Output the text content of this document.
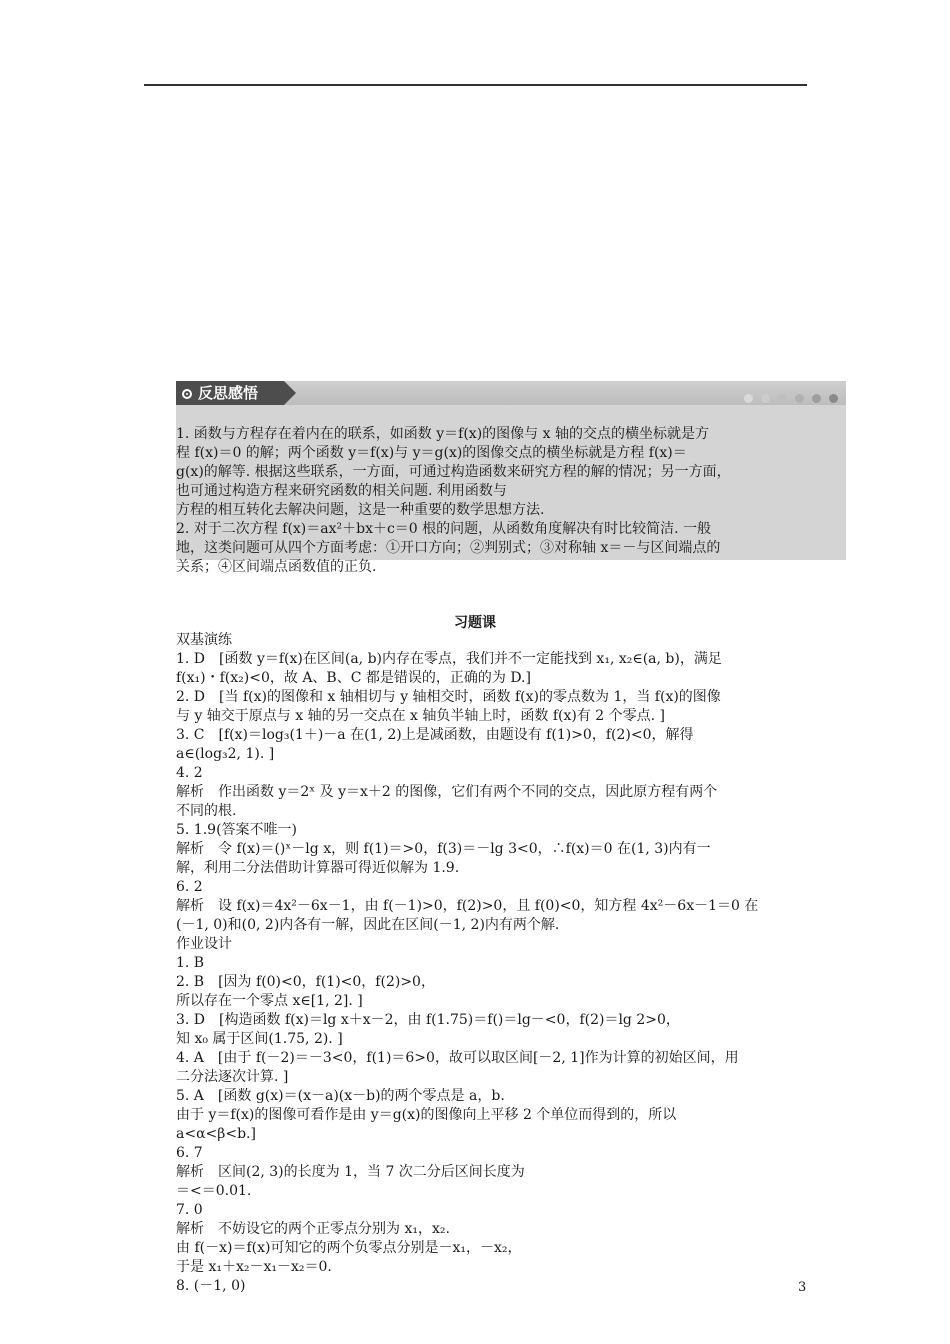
反思感悟
1. 函数与方程存在着内在的联系，如函数 y＝f(x)的图像与 x 轴的交点的横坐标就是方
程 f(x)＝0 的解；两个函数 y＝f(x)与 y＝g(x)的图像交点的横坐标就是方程 f(x)＝
g(x)的解等. 根据这些联系，一方面，可通过构造函数来研究方程的解的情况；另一方面，
也可通过构造方程来研究函数的相关问题. 利用函数与
方程的相互转化去解决问题，这是一种重要的数学思想方法.
2. 对于二次方程 f(x)＝ax²＋bx＋c＝0 根的问题，从函数角度解决有时比较简洁. 一般
地，这类问题可从四个方面考虑：①开口方向；②判别式；③对称轴 x＝－与区间端点的
关系；④区间端点函数值的正负.
习题课
双基演练
1. D　[函数 y＝f(x)在区间(a, b)内存在零点，我们并不一定能找到 x₁, x₂∈(a, b)，满足
f(x₁)・f(x₂)<0，故 A、B、C 都是错误的，正确的为 D.]
2. D　[当 f(x)的图像和 x 轴相切与 y 轴相交时，函数 f(x)的零点数为 1，当 f(x)的图像
与 y 轴交于原点与 x 轴的另一交点在 x 轴负半轴上时，函数 f(x)有 2 个零点. ]
3. C　[f(x)＝log₃(1＋)－a 在(1, 2)上是减函数，由题设有 f(1)>0，f(2)<0，解得
a∈(log₃2, 1). ]
4. 2
解析　作出函数 y＝2ˣ 及 y＝x＋2 的图像，它们有两个不同的交点，因此原方程有两个
不同的根.
5. 1.9(答案不唯一)
解析　令 f(x)＝()ˣ－lg x，则 f(1)＝>0，f(3)＝－lg 3<0，∴f(x)＝0 在(1, 3)内有一
解，利用二分法借助计算器可得近似解为 1.9.
6. 2
解析　设 f(x)＝4x²－6x－1，由 f(－1)>0，f(2)>0，且 f(0)<0，知方程 4x²－6x－1＝0 在
(－1, 0)和(0, 2)内各有一解，因此在区间(－1, 2)内有两个解.
作业设计
1. B
2. B　[因为 f(0)<0，f(1)<0，f(2)>0，
所以存在一个零点 x∈[1, 2]. ]
3. D　[构造函数 f(x)＝lg x＋x－2，由 f(1.75)＝f()＝lg－<0，f(2)＝lg 2>0，
知 x₀ 属于区间(1.75, 2). ]
4. A　[由于 f(－2)＝－3<0，f(1)＝6>0，故可以取区间[－2, 1]作为计算的初始区间，用
二分法逐次计算. ]
5. A　[函数 g(x)＝(x－a)(x－b)的两个零点是 a，b.
由于 y＝f(x)的图像可看作是由 y＝g(x)的图像向上平移 2 个单位而得到的，所以
a<α<β<b.]
6. 7
解析　区间(2, 3)的长度为 1，当 7 次二分后区间长度为
＝<＝0.01.
7. 0
解析　不妨设它的两个正零点分别为 x₁，x₂.
由 f(－x)＝f(x)可知它的两个负零点分别是－x₁，－x₂，
于是 x₁＋x₂－x₁－x₂＝0.
8. (－1, 0)	3
